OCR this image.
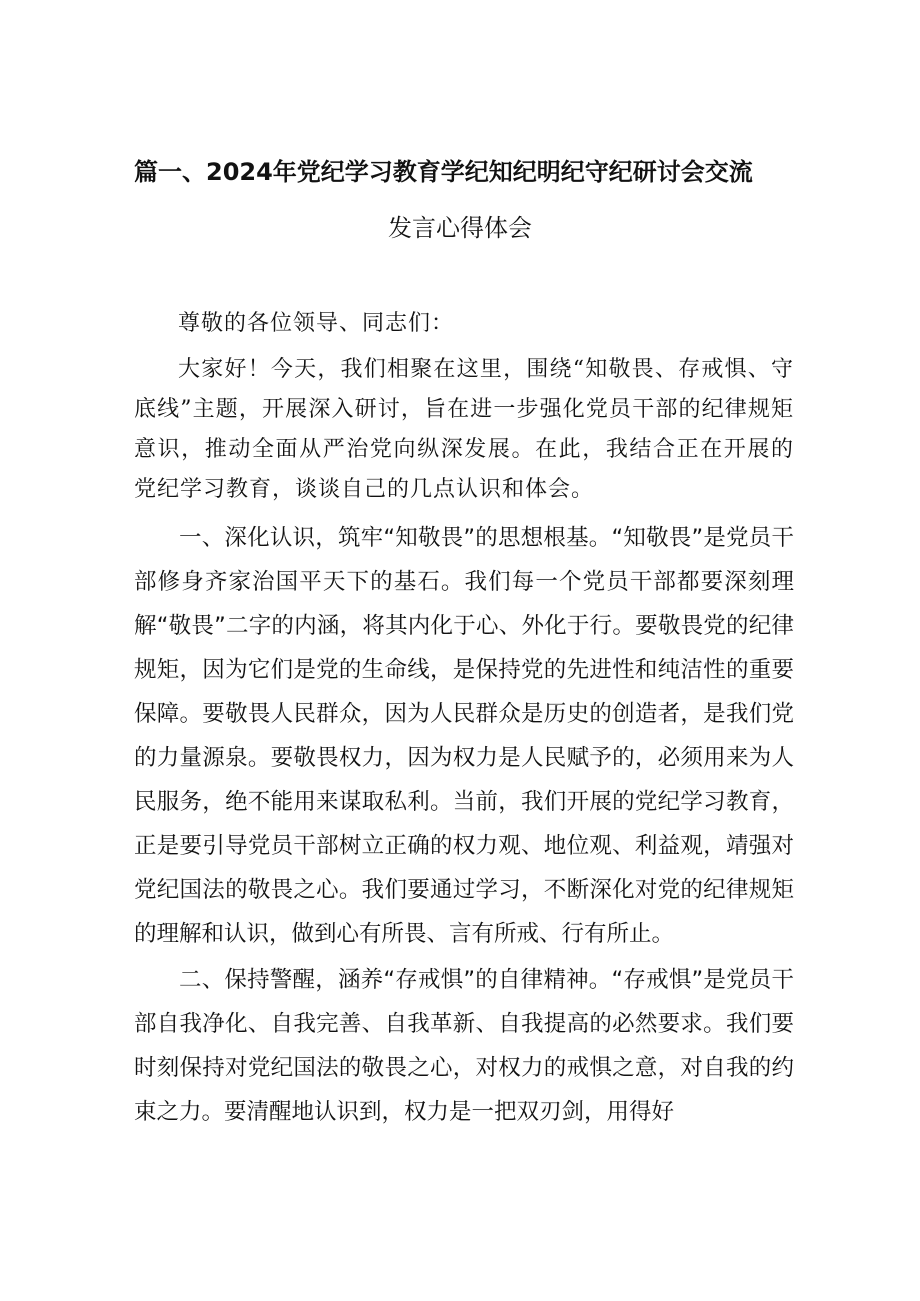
篇一、2024年党纪学习教育学纪知纪明纪守纪研讨会交流
发言心得体会

尊敬的各位领导、同志们：

大家好！今天，我们相聚在这里，围绕“知敬畏、存戒惧、守底线”主题，开展深入研讨，旨在进一步强化党员干部的纪律规矩意识，推动全面从严治党向纵深发展。在此，我结合正在开展的党纪学习教育，谈谈自己的几点认识和体会。

一、深化认识，筑牢“知敬畏”的思想根基。“知敬畏”是党员干部修身齐家治国平天下的基石。我们每一个党员干部都要深刻理解“敬畏”二字的内涵，将其内化于心、外化于行。要敬畏党的纪律规矩，因为它们是党的生命线，是保持党的先进性和纯洁性的重要保障。要敬畏人民群众，因为人民群众是历史的创造者，是我们党的力量源泉。要敬畏权力，因为权力是人民赋予的，必须用来为人民服务，绝不能用来谋取私利。当前，我们开展的党纪学习教育，正是要引导党员干部树立正确的权力观、地位观、利益观，靖强对党纪国法的敬畏之心。我们要通过学习，不断深化对党的纪律规矩的理解和认识，做到心有所畏、言有所戒、行有所止。

二、保持警醒，涵养“存戒惧”的自律精神。“存戒惧”是党员干部自我净化、自我完善、自我革新、自我提高的必然要求。我们要时刻保持对党纪国法的敬畏之心，对权力的戒惧之意，对自我的约束之力。要清醒地认识到，权力是一把双刃剑，用得好
